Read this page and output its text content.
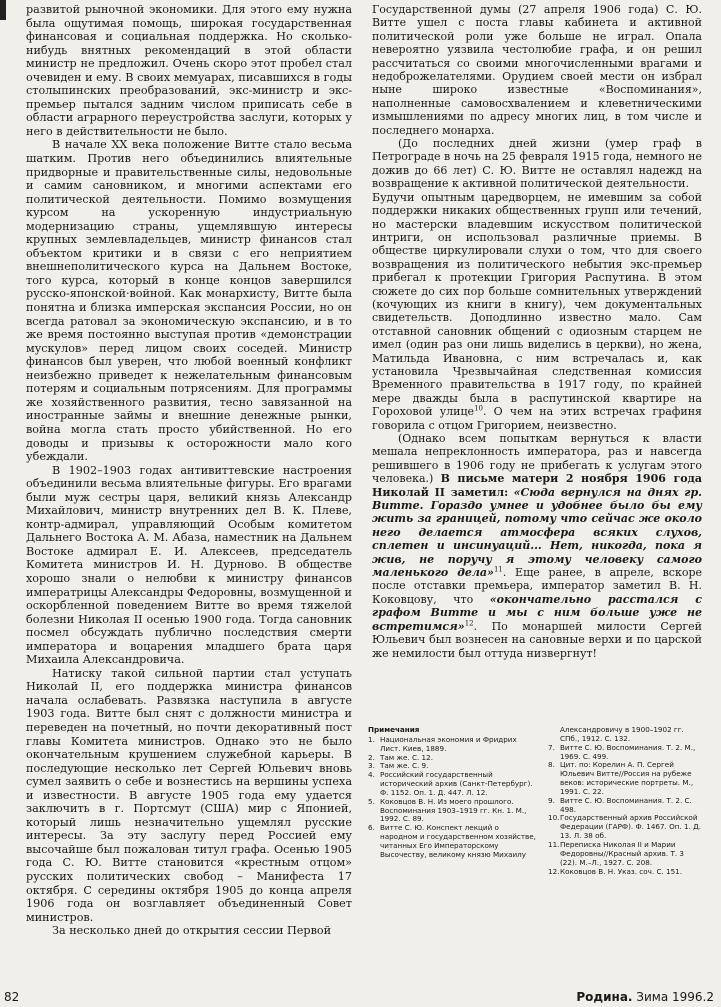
развитой рыночной экономики. Для этого ему нужна была ощутимая помощь, широкая государственная финансовая и социальная поддержка. Но сколько-нибудь внятных рекомендаций в этой области министр не предложил. Очень скоро этот пробел стал очевиден и ему. В своих мемуарах, писавшихся в годы столыпинских преобразований, экс-министр и экс-премьер пытался задним числом приписать себе в области аграрного переустройства заслуги, которых у него в действительности не было.

В начале XX века положение Витте стало весьма шатким. Против него объединились влиятельные придворные и правительственные силы, недовольные и самим сановником, и многими аспектами его политической деятельности. Помимо возмущения курсом на ускоренную индустриальную модернизацию страны, ущемлявшую интересы крупных землевладельцев, министр финансов стал объектом критики и в связи с его неприятием внешнеполитического курса на Дальнем Востоке, того курса, который в конце концов завершился русско-японской·войной. Как монархисту, Витте была понятна и близка имперская экспансия России, но он всегда ратовал за экономическую экспансию, и в то же время постоянно выступая против «демонстрации мускулов» перед лицом своих соседей. Министр финансов был уверен, что любой военный конфликт неизбежно приведет к нежелательным финансовым потерям и социальным потрясениям. Для программы же хозяйственного развития, тесно завязанной на иностранные займы и внешние денежные рынки, война могла стать просто убийственной. Но его доводы и призывы к осторожности мало кого убеждали.

В 1902–1903 годах антивиттевские настроения объединили весьма влиятельные фигуры. Его врагами были муж сестры царя, великий князь Александр Михайлович, министр внутренних дел В. К. Плеве, контр-адмирал, управляющий Особым комитетом Дальнего Востока А. М. Абаза, наместник на Дальнем Востоке адмирал Е. И. Алексеев, председатель Комитета министров И. Н. Дурново. В обществе хорошо знали о нелюбви к министру финансов императрицы Александры Федоровны, возмущенной и оскорбленной поведением Витте во время тяжелой болезни Николая II осенью 1900 года. Тогда сановник посмел обсуждать публично последствия смерти императора и воцарения младшего брата царя Михаила Александровича.

Натиску такой сильной партии стал уступать Николай II, его поддержка министра финансов начала ослабевать. Развязка наступила в августе 1903 года. Витте был снят с должности министра и переведен на почетный, но почти декоративный пост главы Комитета министров. Однако это не было окончательным крушением служебной карьеры. В последующие несколько лет Сергей Юльевич вновь сумел заявить о себе и вознестись на вершины успеха и известности. В августе 1905 года ему удается заключить в г. Портсмут (США) мир с Японией, который лишь незначительно ущемлял русские интересы. За эту заслугу перед Россией ему высочайше был пожалован титул графа. Осенью 1905 года С. Ю. Витте становится «крестным отцом» русских политических свобод – Манифеста 17 октября. С середины октября 1905 до конца апреля 1906 года он возглавляет объединенный Совет министров.

За несколько дней до открытия сессии Первой

Государственной думы (27 апреля 1906 года) С. Ю. Витте ушел с поста главы кабинета и активной политической роли уже больше не играл. Опала невероятно уязвила честолюбие графа, и он решил рассчитаться со своими многочисленными врагами и недоброжелателями. Орудием своей мести он избрал ныне широко известные «Воспоминания», наполненные самовосхвалением и клеветническими измышлениями по адресу многих лиц, в том числе и последнего монарха.

(До последних дней жизни (умер граф в Петрограде в ночь на 25 февраля 1915 года, немного не дожив до 66 лет) С. Ю. Витте не оставлял надежд на возвращение к активной политической деятельности.

Будучи опытным царедворцем, не имевшим за собой поддержки никаких общественных групп или течений, но мастерски владевшим искусством политической интриги, он использовал различные приемы. В обществе циркулировали слухи о том, что для своего возвращения из политического небытия экс-премьер прибегал к протекции Григория Распутина. В этом сюжете до сих пор больше сомнительных утверждений (кочующих из книги в книгу), чем документальных свидетельств. Доподлинно известно мало. Сам отставной сановник общений с одиозным старцем не имел (один раз они лишь виделись в церкви), но жена, Матильда Ивановна, с ним встречалась и, как установила Чрезвычайная следственная комиссия Временного правительства в 1917 году, по крайней мере дважды была в распутинской квартире на Гороховой улице$^{10}$. О чем на этих встречах графиня говорила с отцом Григорием, неизвестно.

(Однако всем попыткам вернуться к власти мешала непреклонность императора, раз и навсегда решившего в 1906 году не прибегать к услугам этого человека.) В письме матери 2 ноября 1906 года Николай II заметил: «Сюда вернулся на днях гр. Витте. Гораздо умнее и удобнее было бы ему жить за границей, потому что сейчас же около него делается атмосфера всяких слухов, сплетен и инсинуаций... Нет, никогда, пока я жив, не поручу я этому человеку самого маленького дела»$^{11}$. Еще ранее, в апреле, вскоре после отставки премьера, император заметил В. Н. Коковцову, что «окончательно расстался с графом Витте и мы с ним больше уже не встретимся»$^{12}$. По монаршей милости Сергей Юльевич был вознесен на сановные верхи и по царской же немилости был оттуда низвергнут!

Примечания

1. Национальная экономия и Фридрих Лист. Киев, 1889.
2. Там же. С. 12.
3. Там же. С. 9.
4. Российский государственный исторический архив (Санкт-Петербург). Ф. 1152. Оп. 1. Д. 447. Л. 12.
5. Коковцов В. Н. Из моего прошлого. Воспоминания 1903–1919 гг. Кн. 1. М., 1992. С. 89.
6. Витте С. Ю. Конспект лекций о народном и государственном хозяйстве, читанных Его Императорскому Высочеству, великому князю Михаилу
Александровичу в 1900–1902 гг. СПб., 1912. С. 132.
7. Витте С. Ю. Воспоминания. Т. 2. М., 1969. С. 499.
8. Цит. по: Корелин А. П. Сергей Юльевич Витте//Россия на рубеже веков: исторические портреты. М., 1991. С. 22.
9. Витте С. Ю. Воспоминания. Т. 2. С. 498.
10. Государственный архив Российской Федерации (ГАРФ). Ф. 1467. Оп. 1. Д. 13. Л. 38 об.
11. Переписка Николая II и Марии Федоровны//Красный архив. Т. 3 (22). М.–Л., 1927. С. 208.
12. Коковцов В. Н. Указ. соч. С. 151.
82	Родина. Зима 1996.2
